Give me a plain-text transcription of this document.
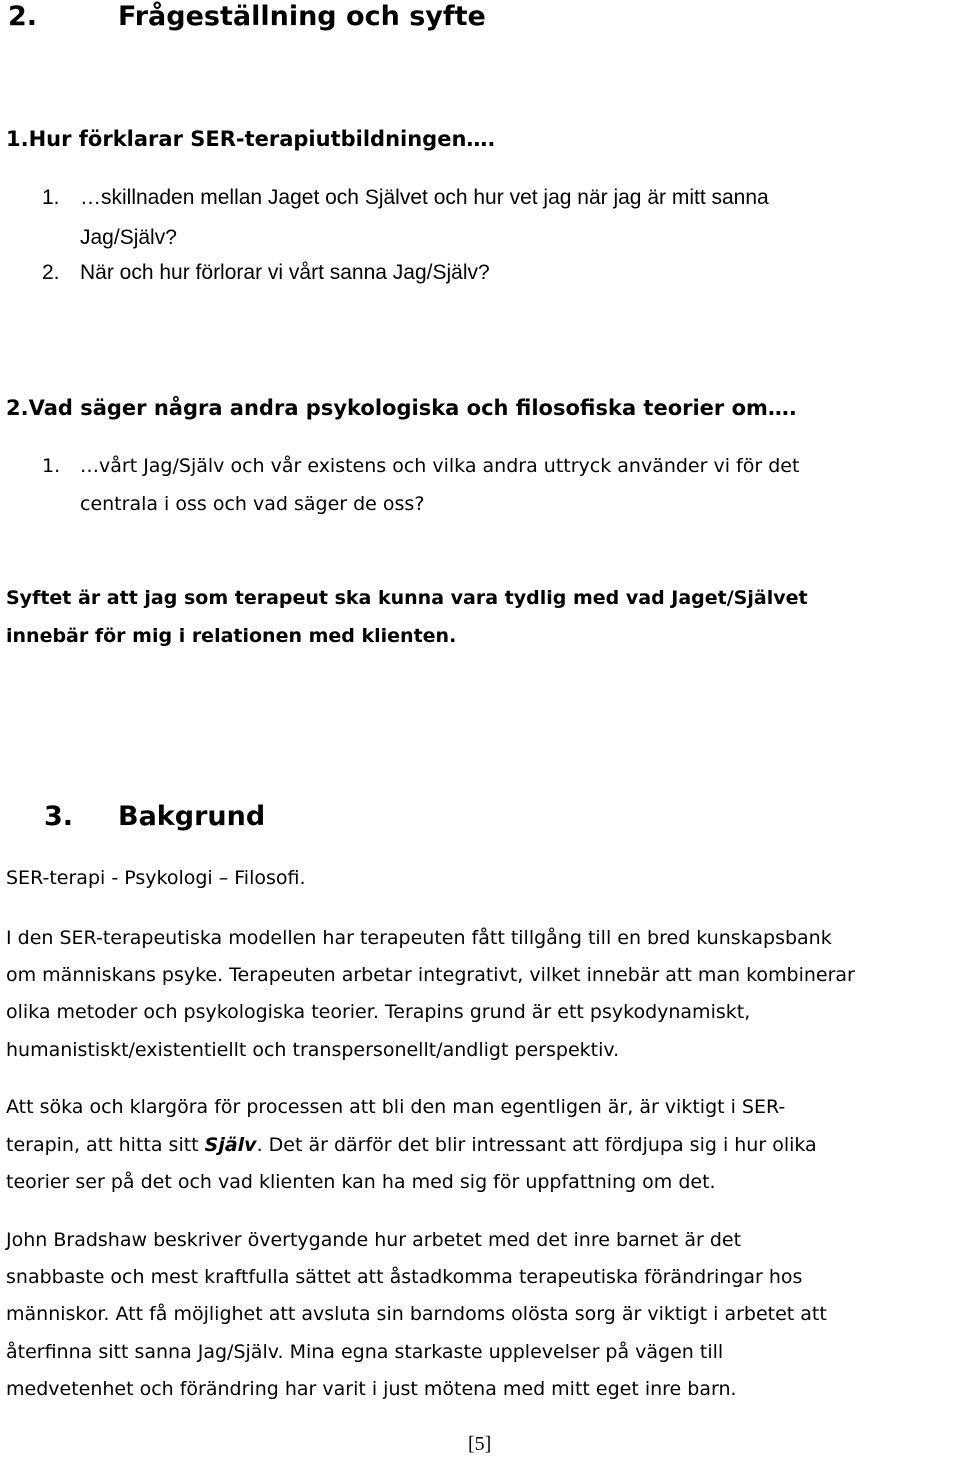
2.	Frågeställning och syfte
1.Hur förklarar SER-terapiutbildningen….
1. …skillnaden mellan Jaget och Självet och hur vet jag när jag är mitt sanna
Jag/Själv?
2. När och hur förlorar vi vårt sanna Jag/Själv?
2.Vad säger några andra psykologiska och filosofiska teorier om….
1. …vårt Jag/Själv och vår existens och vilka andra uttryck använder vi för det
centrala i oss och vad säger de oss?
Syftet är att jag som terapeut ska kunna vara tydlig med vad Jaget/Självet
innebär för mig i relationen med klienten.
3. Bakgrund
SER-terapi - Psykologi – Filosofi.
I den SER-terapeutiska modellen har terapeuten fått tillgång till en bred kunskapsbank
om människans psyke. Terapeuten arbetar integrativt, vilket innebär att man kombinerar
olika metoder och psykologiska teorier. Terapins grund är ett psykodynamiskt,
humanistiskt/existentiellt och transpersonellt/andligt perspektiv.
Att söka och klargöra för processen att bli den man egentligen är, är viktigt i SER-
terapin, att hitta sitt Själv. Det är därför det blir intressant att fördjupa sig i hur olika
teorier ser på det och vad klienten kan ha med sig för uppfattning om det.
John Bradshaw beskriver övertygande hur arbetet med det inre barnet är det
snabbaste och mest kraftfulla sättet att åstadkomma terapeutiska förändringar hos
människor. Att få möjlighet att avsluta sin barndoms olösta sorg är viktigt i arbetet att
återfinna sitt sanna Jag/Själv. Mina egna starkaste upplevelser på vägen till
medvetenhet och förändring har varit i just mötena med mitt eget inre barn.
[5]
